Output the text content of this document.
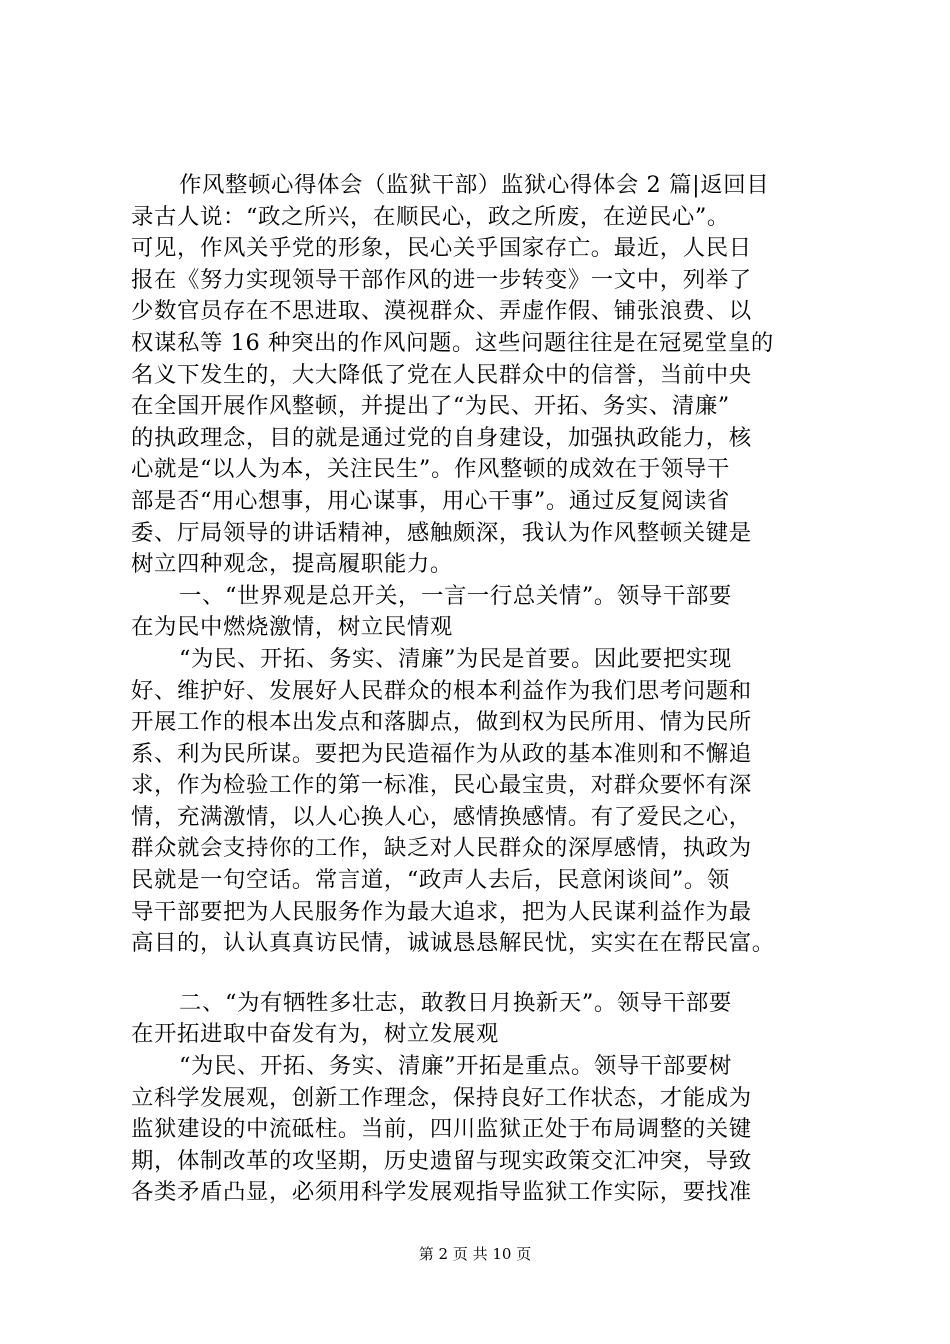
作风整顿心得体会（监狱干部）监狱心得体会 2 篇|返回目
录古人说：“政之所兴，在顺民心，政之所废，在逆民心”。
可见，作风关乎党的形象，民心关乎国家存亡。最近，人民日
报在《努力实现领导干部作风的进一步转变》一文中，列举了
少数官员存在不思进取、漠视群众、弄虚作假、铺张浪费、以
权谋私等 16 种突出的作风问题。这些问题往往是在冠冕堂皇的
名义下发生的，大大降低了党在人民群众中的信誉，当前中央
在全国开展作风整顿，并提出了“为民、开拓、务实、清廉”
的执政理念，目的就是通过党的自身建设，加强执政能力，核
心就是“以人为本，关注民生”。作风整顿的成效在于领导干
部是否“用心想事，用心谋事，用心干事”。通过反复阅读省
委、厅局领导的讲话精神，感触颇深，我认为作风整顿关键是
树立四种观念，提高履职能力。

一、“世界观是总开关，一言一行总关情”。领导干部要
在为民中燃烧激情，树立民情观

“为民、开拓、务实、清廉”为民是首要。因此要把实现
好、维护好、发展好人民群众的根本利益作为我们思考问题和
开展工作的根本出发点和落脚点，做到权为民所用、情为民所
系、利为民所谋。要把为民造福作为从政的基本准则和不懈追
求，作为检验工作的第一标准，民心最宝贵，对群众要怀有深
情，充满激情，以人心换人心，感情换感情。有了爱民之心，
群众就会支持你的工作，缺乏对人民群众的深厚感情，执政为
民就是一句空话。常言道，“政声人去后，民意闲谈间”。领
导干部要把为人民服务作为最大追求，把为人民谋利益作为最
高目的，认认真真访民情，诚诚恳恳解民忧，实实在在帮民富。

二、“为有牺牲多壮志，敢教日月换新天”。领导干部要
在开拓进取中奋发有为，树立发展观

“为民、开拓、务实、清廉”开拓是重点。领导干部要树
立科学发展观，创新工作理念，保持良好工作状态，才能成为
监狱建设的中流砥柱。当前，四川监狱正处于布局调整的关键
期，体制改革的攻坚期，历史遗留与现实政策交汇冲突，导致
各类矛盾凸显，必须用科学发展观指导监狱工作实际，要找准

第 2 页 共 10 页
